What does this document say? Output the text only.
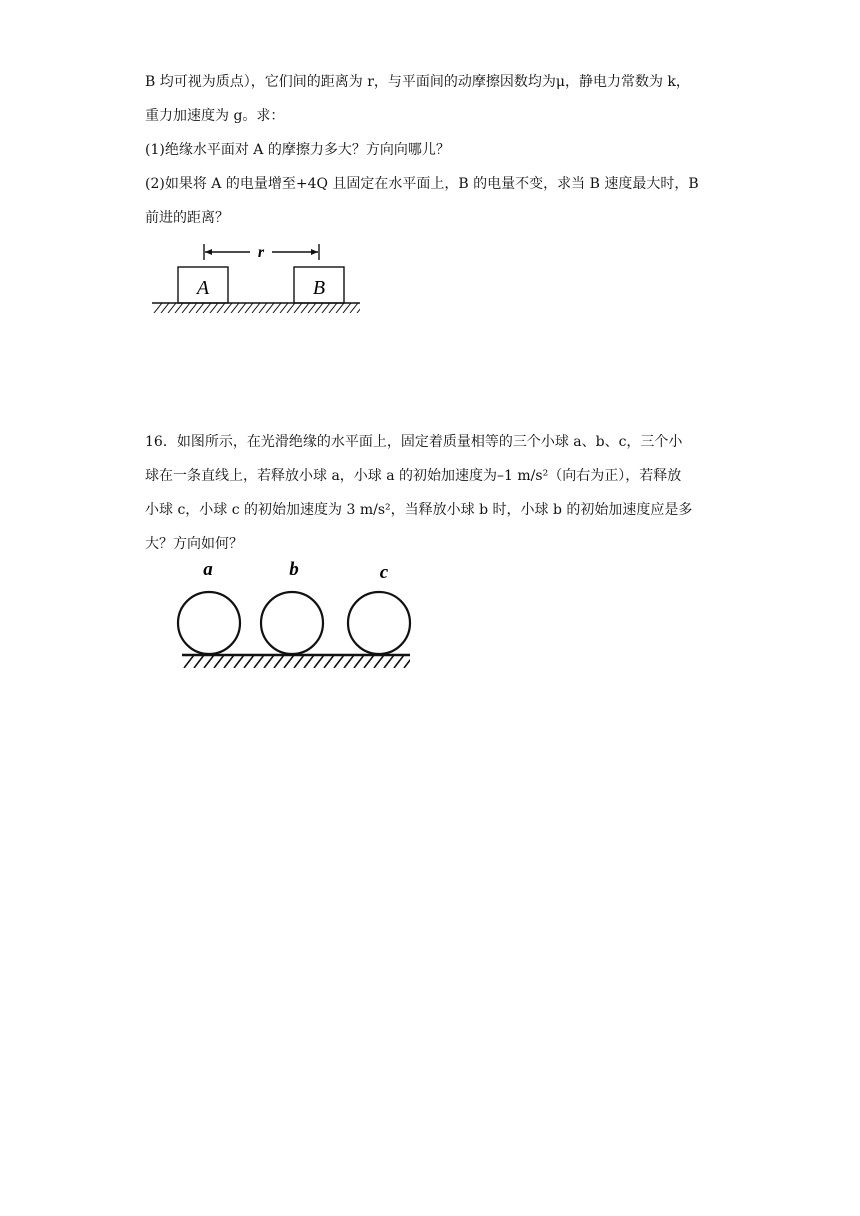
B 均可视为质点），它们间的距离为 r，与平面间的动摩擦因数均为μ，静电力常数为 k，
重力加速度为 g。求：
(1)绝缘水平面对 A 的摩擦力多大？方向向哪儿？
(2)如果将 A 的电量增至+4Q 且固定在水平面上，B 的电量不变，求当 B 速度最大时，B
前进的距离？
r
A	B
16．如图所示，在光滑绝缘的水平面上，固定着质量相等的三个小球 a、b、c，三个小
球在一条直线上，若释放小球 a，小球 a 的初始加速度为–1 m/s²（向右为正），若释放
小球 c，小球 c 的初始加速度为 3 m/s²，当释放小球 b 时，小球 b 的初始加速度应是多
大？方向如何？
a	b	c
